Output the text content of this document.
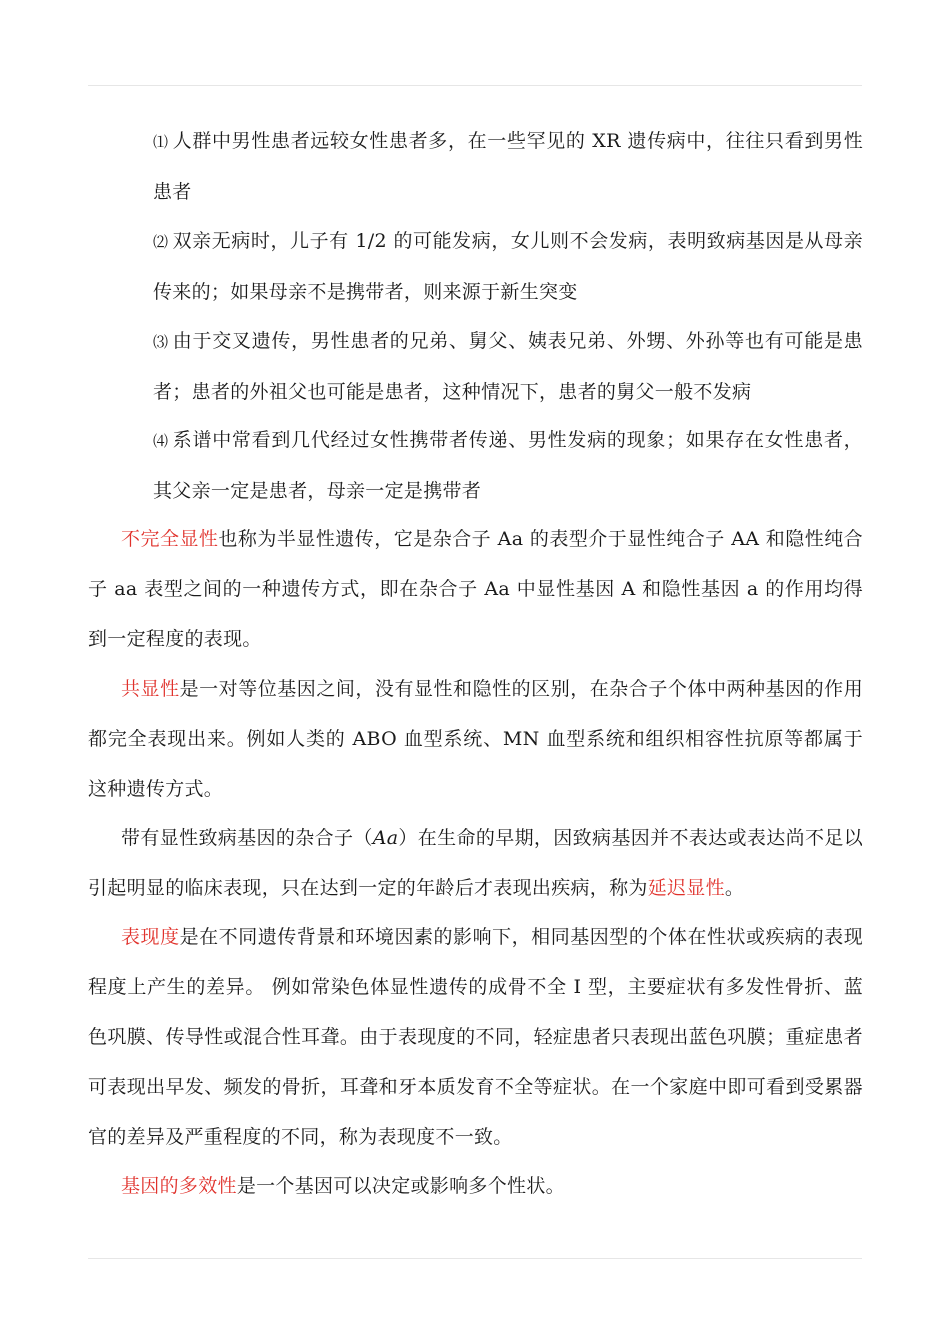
⑴ 人群中男性患者远较女性患者多，在一些罕见的 XR 遗传病中，往往只看到男性患者

⑵ 双亲无病时，儿子有 1/2 的可能发病，女儿则不会发病，表明致病基因是从母亲传来的；如果母亲不是携带者，则来源于新生突变

⑶ 由于交叉遗传，男性患者的兄弟、舅父、姨表兄弟、外甥、外孙等也有可能是患者；患者的外祖父也可能是患者，这种情况下，患者的舅父一般不发病

⑷ 系谱中常看到几代经过女性携带者传递、男性发病的现象；如果存在女性患者，其父亲一定是患者，母亲一定是携带者

不完全显性也称为半显性遗传，它是杂合子 Aa 的表型介于显性纯合子 AA 和隐性纯合子 aa 表型之间的一种遗传方式，即在杂合子 Aa 中显性基因 A 和隐性基因 a 的作用均得到一定程度的表现。

共显性是一对等位基因之间，没有显性和隐性的区别，在杂合子个体中两种基因的作用都完全表现出来。例如人类的 ABO 血型系统、MN 血型系统和组织相容性抗原等都属于这种遗传方式。

带有显性致病基因的杂合子（Aa）在生命的早期，因致病基因并不表达或表达尚不足以引起明显的临床表现，只在达到一定的年龄后才表现出疾病，称为延迟显性。

表现度是在不同遗传背景和环境因素的影响下，相同基因型的个体在性状或疾病的表现程度上产生的差异。 例如常染色体显性遗传的成骨不全 I 型，主要症状有多发性骨折、蓝色巩膜、传导性或混合性耳聋。由于表现度的不同，轻症患者只表现出蓝色巩膜；重症患者可表现出早发、频发的骨折，耳聋和牙本质发育不全等症状。在一个家庭中即可看到受累器官的差异及严重程度的不同，称为表现度不一致。

基因的多效性是一个基因可以决定或影响多个性状。
